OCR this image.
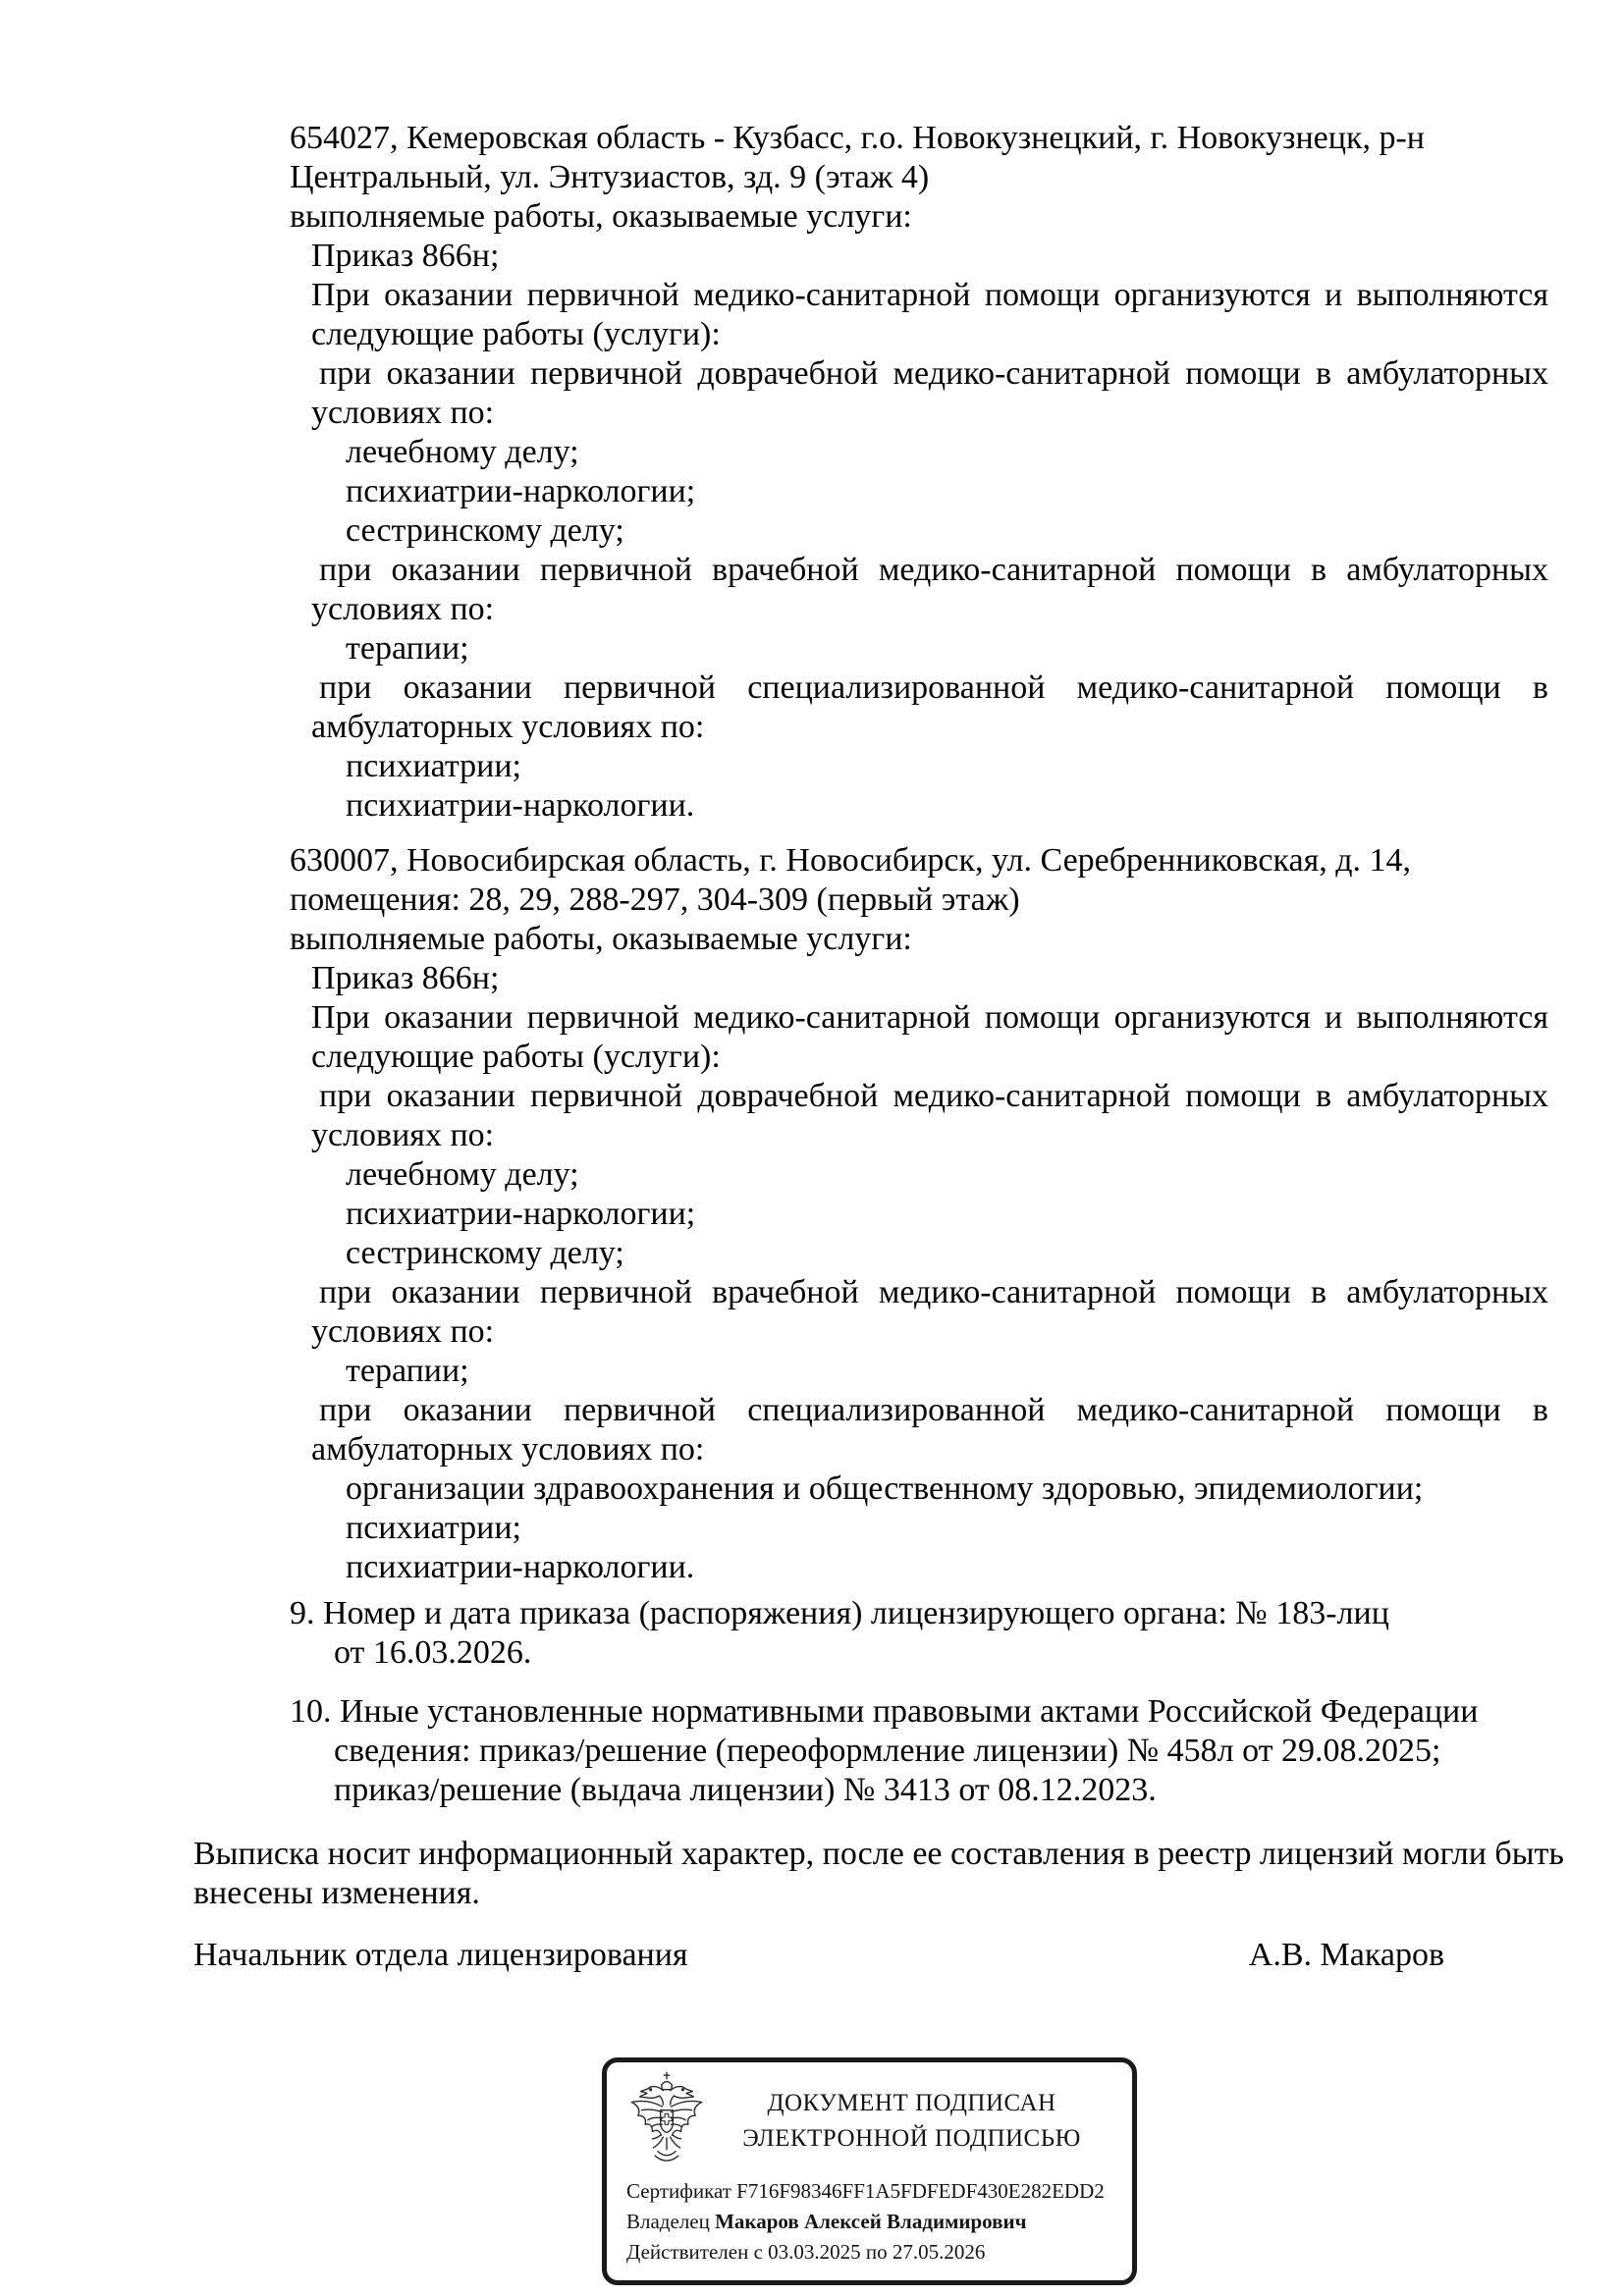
654027, Кемеровская область - Кузбасс, г.о. Новокузнецкий, г. Новокузнецк, р-н
Центральный, ул. Энтузиастов, зд. 9 (этаж 4)
выполняемые работы, оказываемые услуги:
Приказ 866н;
При оказании первичной медико-санитарной помощи организуются и выполняются
следующие работы (услуги):
при оказании первичной доврачебной медико-санитарной помощи в амбулаторных
условиях по:
лечебному делу;
психиатрии-наркологии;
сестринскому делу;
при оказании первичной врачебной медико-санитарной помощи в амбулаторных
условиях по:
терапии;
при оказании первичной специализированной медико-санитарной помощи в
амбулаторных условиях по:
психиатрии;
психиатрии-наркологии.
630007, Новосибирская область, г. Новосибирск, ул. Серебренниковская, д. 14,
помещения: 28, 29, 288-297, 304-309 (первый этаж)
выполняемые работы, оказываемые услуги:
Приказ 866н;
При оказании первичной медико-санитарной помощи организуются и выполняются
следующие работы (услуги):
при оказании первичной доврачебной медико-санитарной помощи в амбулаторных
условиях по:
лечебному делу;
психиатрии-наркологии;
сестринскому делу;
при оказании первичной врачебной медико-санитарной помощи в амбулаторных
условиях по:
терапии;
при оказании первичной специализированной медико-санитарной помощи в
амбулаторных условиях по:
организации здравоохранения и общественному здоровью, эпидемиологии;
психиатрии;
психиатрии-наркологии.
9. Номер и дата приказа (распоряжения) лицензирующего органа: № 183-лиц
от 16.03.2026.
10. Иные установленные нормативными правовыми актами Российской Федерации
сведения: приказ/решение (переоформление лицензии) № 458л от 29.08.2025;
приказ/решение (выдача лицензии) № 3413 от 08.12.2023.
Выписка носит информационный характер, после ее составления в реестр лицензий могли быть
внесены изменения.
Начальник отдела лицензирования	А.В. Макаров
ДОКУМЕНТ ПОДПИСАН
ЭЛЕКТРОННОЙ ПОДПИСЬЮ
Сертификат F716F98346FF1A5FDFEDF430E282EDD2
Владелец Макаров Алексей Владимирович
Действителен с 03.03.2025 по 27.05.2026
